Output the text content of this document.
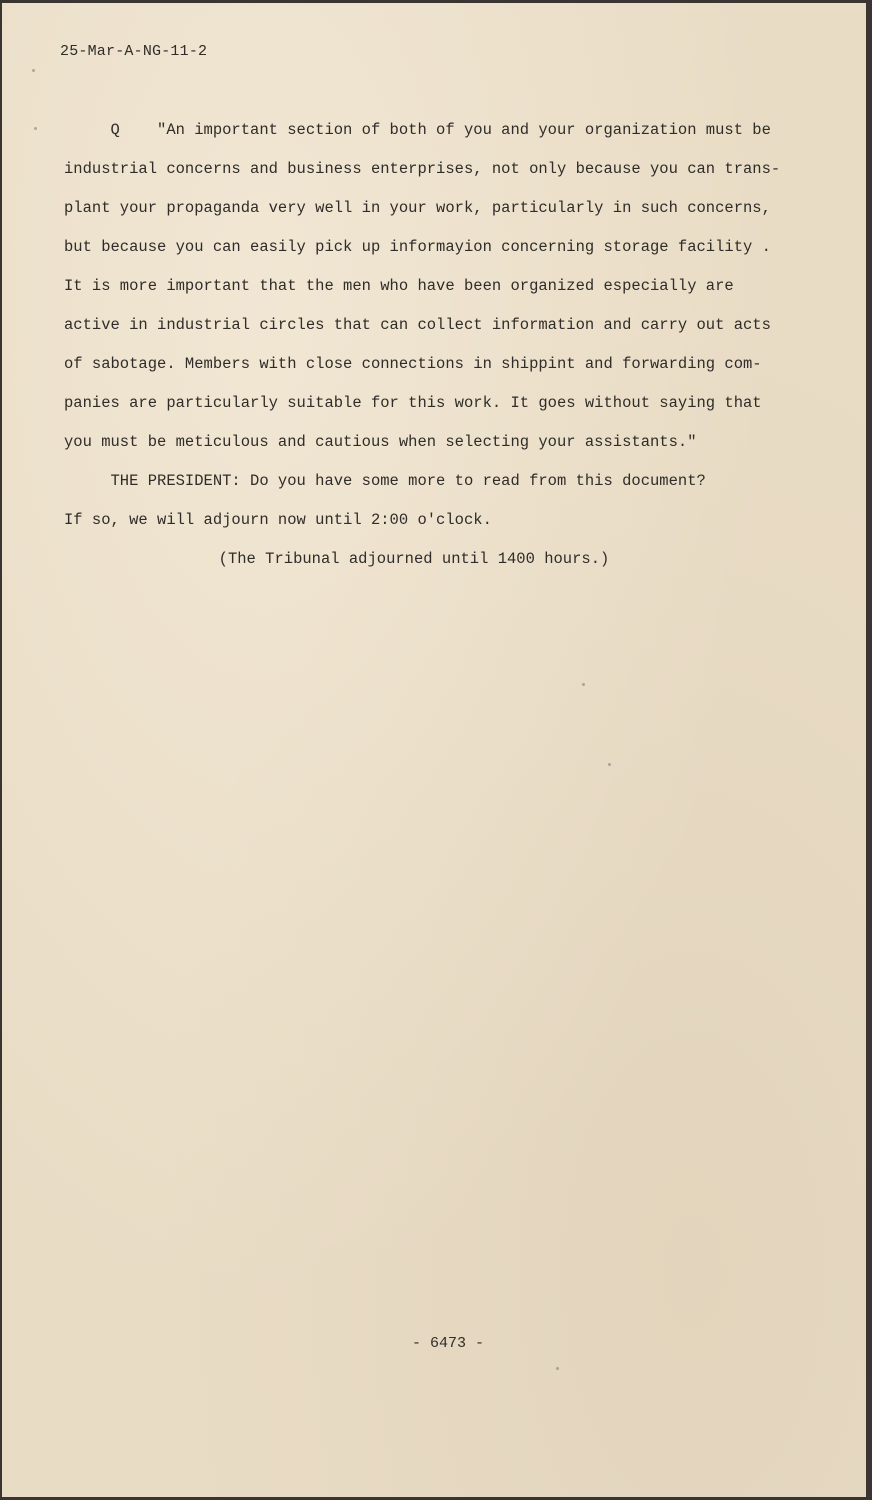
25-Mar-A-NG-11-2
Q    "An important section of both of you and your organization must be
industrial concerns and business enterprises, not only because you can trans-
plant your propaganda very well in your work, particularly in such concerns,
but because you can easily pick up informayion concerning storage facility .
It is more important that the men who have been organized especially are
active in industrial circles that can collect information and carry out acts
of sabotage. Members with close connections in shippint and forwarding com-
panies are particularly suitable for this work. It goes without saying that
you must be meticulous and cautious when selecting your assistants."
THE PRESIDENT: Do you have some more to read from this document?
If so, we will adjourn now until 2:00 o'clock.
(The Tribunal adjourned until 1400 hours.)
- 6473 -
